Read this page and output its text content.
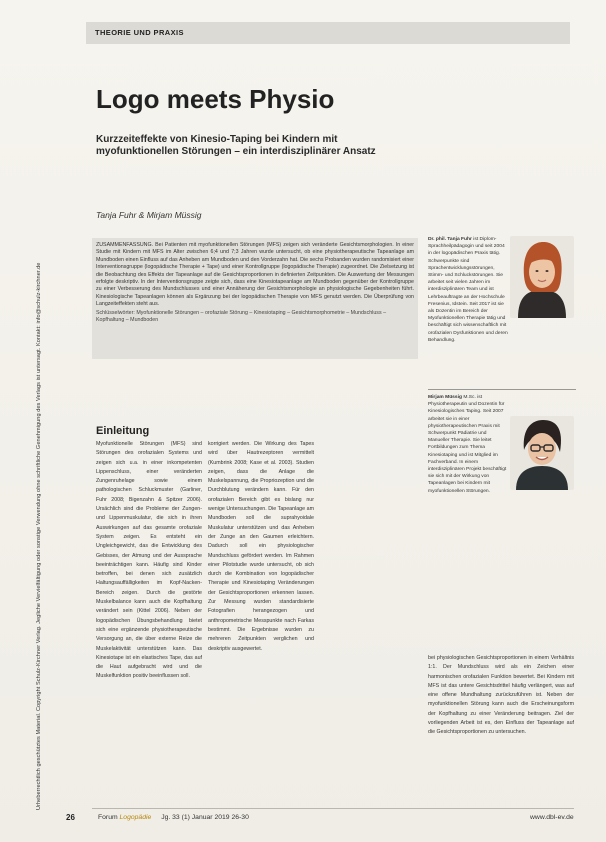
THEORIE UND PRAXIS
Urheberrechtlich geschütztes Material. Copyright Schulz-Kirchner Verlag. Jegliche Vervielfältigung oder sonstige Verwendung ohne schriftliche Genehmigung des Verlags ist untersagt. Kontakt: info@schulz-kirchner.de
Logo meets Physio
Kurzzeiteffekte von Kinesio-Taping bei Kindern mit myofunktionellen Störungen – ein interdisziplinärer Ansatz
Tanja Fuhr & Mirjam Müssig

ZUSAMMENFASSUNG. Bei Patienten mit myofunktionellen Störungen (MFS) zeigen sich veränderte Gesichtsmorphologien. In einer Studie mit Kindern mit MFS im Alter zwischen 6;4 und 7;3 Jahren wurde untersucht, ob eine physiotherapeutische Tapeanlage am Mundboden einen Einfluss auf das Anheben am Mundboden und den Vorderzahn hat. Die sechs Probanden wurden randomisiert einer Interventionsgruppe (logopädische Therapie + Tape) und einer Kontrollgruppe (logopädische Therapie) zugeordnet. Die Zielsetzung ist die Beobachtung des Effekts der Tapeanlage auf die Gesichtsproportionen in definierten Zeitpunkten. Die Auswertung der Messungen erfolgte deskriptiv. In der Interventionsgruppe zeigte sich, dass eine Kinesiotapeanlage am Mundboden gegenüber der Kontrollgruppe zu einer Verbesserung des Mundschlusses und einer Annäherung der Gesichtsmorphologie an physiologische Gegebenheiten führt. Kinesiologische Tapeanlagen können als Ergänzung bei der logopädischen Therapie von MFS genutzt werden. Die Überprüfung von Langzeiteffekten steht aus.

Schlüsselwörter: Myofunktionelle Störungen – orofaziale Störung – Kinesiotaping – Gesichtsmorphometrie – Mundschluss – Kopfhaltung – Mundboden
Dr. phil. Tanja Fuhr ist Diplom-Sprachheilpädagogin und seit 2004 in der logopädischen Praxis tätig. Schwerpunkte sind Sprachentwicklungsstörungen, Stimm- und Schluckstörungen. Sie arbeitet seit vielen Jahren im interdisziplinären Team und ist Lehrbeauftragte an der Hochschule Fresenius, Idstein. Seit 2017 ist sie als Dozentin im Bereich der Myofunktionellen Therapie tätig und beschäftigt sich wissenschaftlich mit orofazialen Dysfunktionen und deren Behandlung.
Mirjam Müssig M.Sc. ist Physiotherapeutin und Dozentin für Kinesiologisches Taping. Seit 2007 arbeitet sie in einer physiotherapeutischen Praxis mit Schwerpunkt Pädiatrie und Manueller Therapie. Sie leitet Fortbildungen zum Thema Kinesiotaping und ist Mitglied im Fachverband. In einem interdisziplinären Projekt beschäftigt sie sich mit der Wirkung von Tapeanlagen bei Kindern mit myofunktionellen Störungen.
Einleitung

Myofunktionelle Störungen (MFS) sind Störungen des orofazialen Systems und zeigen sich u.a. in einer inkompetenten Lippenschluss, einer veränderten Zungenruhelage sowie einem pathologischen Schluckmuster (Garliner, Fuhr 2008; Bigenzahn & Spitzer 2006). Ursächlich sind die Probleme der Zungen- und Lippenmuskulatur, die sich in ihren Auswirkungen auf das gesamte orofaziale System zeigen. Es entsteht ein Ungleichgewicht, das die Entwicklung des Gebisses, der Atmung und der Aussprache beeinträchtigen kann. Häufig sind Kinder betroffen, bei denen sich zusätzlich Haltungsauffälligkeiten im Kopf-Nacken-Bereich zeigen. Durch die gestörte Muskelbalance kann auch die Kopfhaltung verändert sein (Kittel 2006). Neben der logopädischen Übungsbehandlung bietet sich eine ergänzende physiotherapeutische Versorgung an, die über externe Reize die Muskelaktivität unterstützen kann. Das Kinesiotape ist ein elastisches Tape, das auf die Haut aufgebracht wird und die Muskelfunktion positiv beeinflussen soll.

korrigiert werden. Die Wirkung des Tapes wird über Hautrezeptoren vermittelt (Kumbrink 2008; Kase et al. 2003). Studien zeigen, dass die Anlage die Muskelspannung, die Propriozeption und die Durchblutung verändern kann. Für den orofazialen Bereich gibt es bislang nur wenige Untersuchungen. Die Tapeanlage am Mundboden soll die suprahyoidale Muskulatur unterstützen und das Anheben der Zunge an den Gaumen erleichtern. Dadurch soll ein physiologischer Mundschluss gefördert werden. Im Rahmen einer Pilotstudie wurde untersucht, ob sich durch die Kombination von logopädischer Therapie und Kinesiotaping Veränderungen der Gesichtsproportionen erkennen lassen. Zur Messung wurden standardisierte Fotografien herangezogen und anthropometrische Messpunkte nach Farkas bestimmt. Die Ergebnisse wurden zu mehreren Zeitpunkten verglichen und deskriptiv ausgewertet.

bei physiologischen Gesichtsproportionen in einem Verhältnis 1:1. Der Mundschluss wird als ein Zeichen einer harmonischen orofazialen Funktion bewertet. Bei Kindern mit MFS ist das untere Gesichtsdrittel häufig verlängert, was auf eine offene Mundhaltung zurückzuführen ist. Neben der myofunktionellen Störung kann auch die Erscheinungsform der Kopfhaltung zu einer Veränderung beitragen. Ziel der vorliegenden Arbeit ist es, den Einfluss der Tapeanlage auf die Gesichtsproportionen zu untersuchen.

26	Forum Logopädie Jg. 33 (1) Januar 2019 26-30	www.dbl-ev.de
